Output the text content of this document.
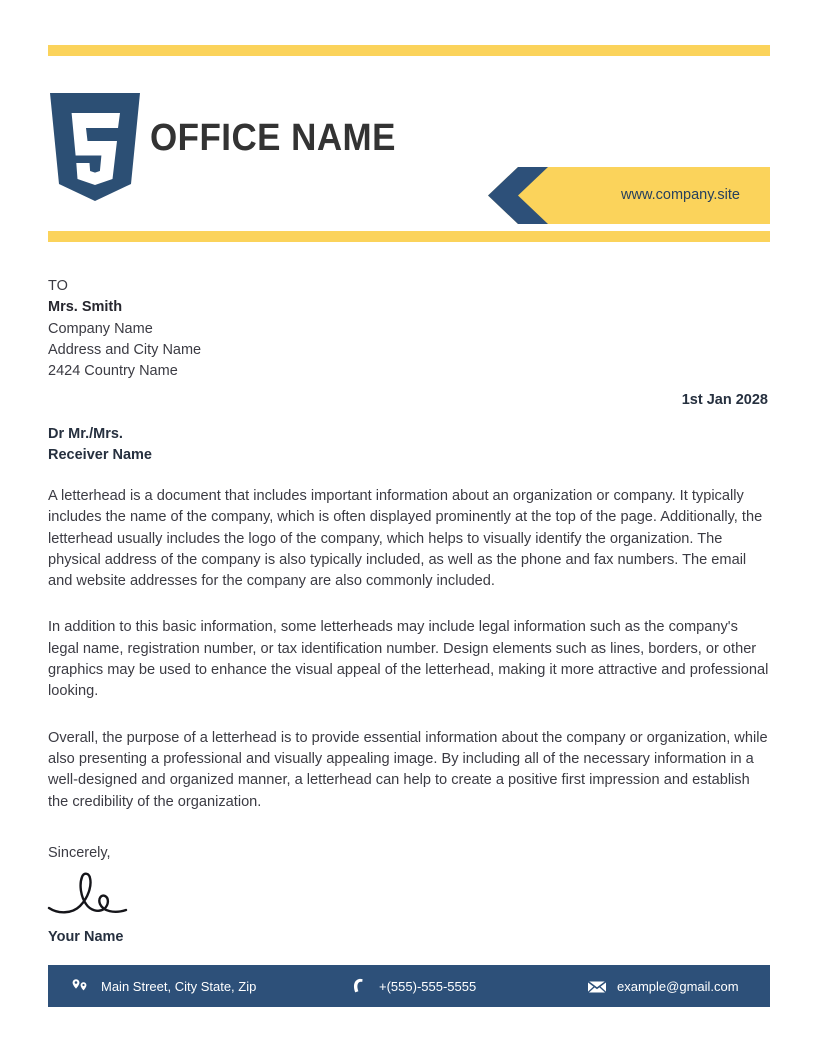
OFFICE NAME
www.company.site
TO
Mrs. Smith
Company Name
Address and City Name
2424 Country Name
1st Jan 2028
Dr Mr./Mrs.
Receiver Name

A letterhead is a document that includes important information about an organization or company. It typically includes the name of the company, which is often displayed prominently at the top of the page. Additionally, the letterhead usually includes the logo of the company, which helps to visually identify the organization. The physical address of the company is also typically included, as well as the phone and fax numbers. The email and website addresses for the company are also commonly included.

In addition to this basic information, some letterheads may include legal information such as the company's legal name, registration number, or tax identification number. Design elements such as lines, borders, or other graphics may be used to enhance the visual appeal of the letterhead, making it more attractive and professional looking.

Overall, the purpose of a letterhead is to provide essential information about the company or organization, while also presenting a professional and visually appealing image. By including all of the necessary information in a well-designed and organized manner, a letterhead can help to create a positive first impression and establish the credibility of the organization.

Sincerely,
Your Name
Main Street, City State, Zip	+(555)-555-5555	example@gmail.com
